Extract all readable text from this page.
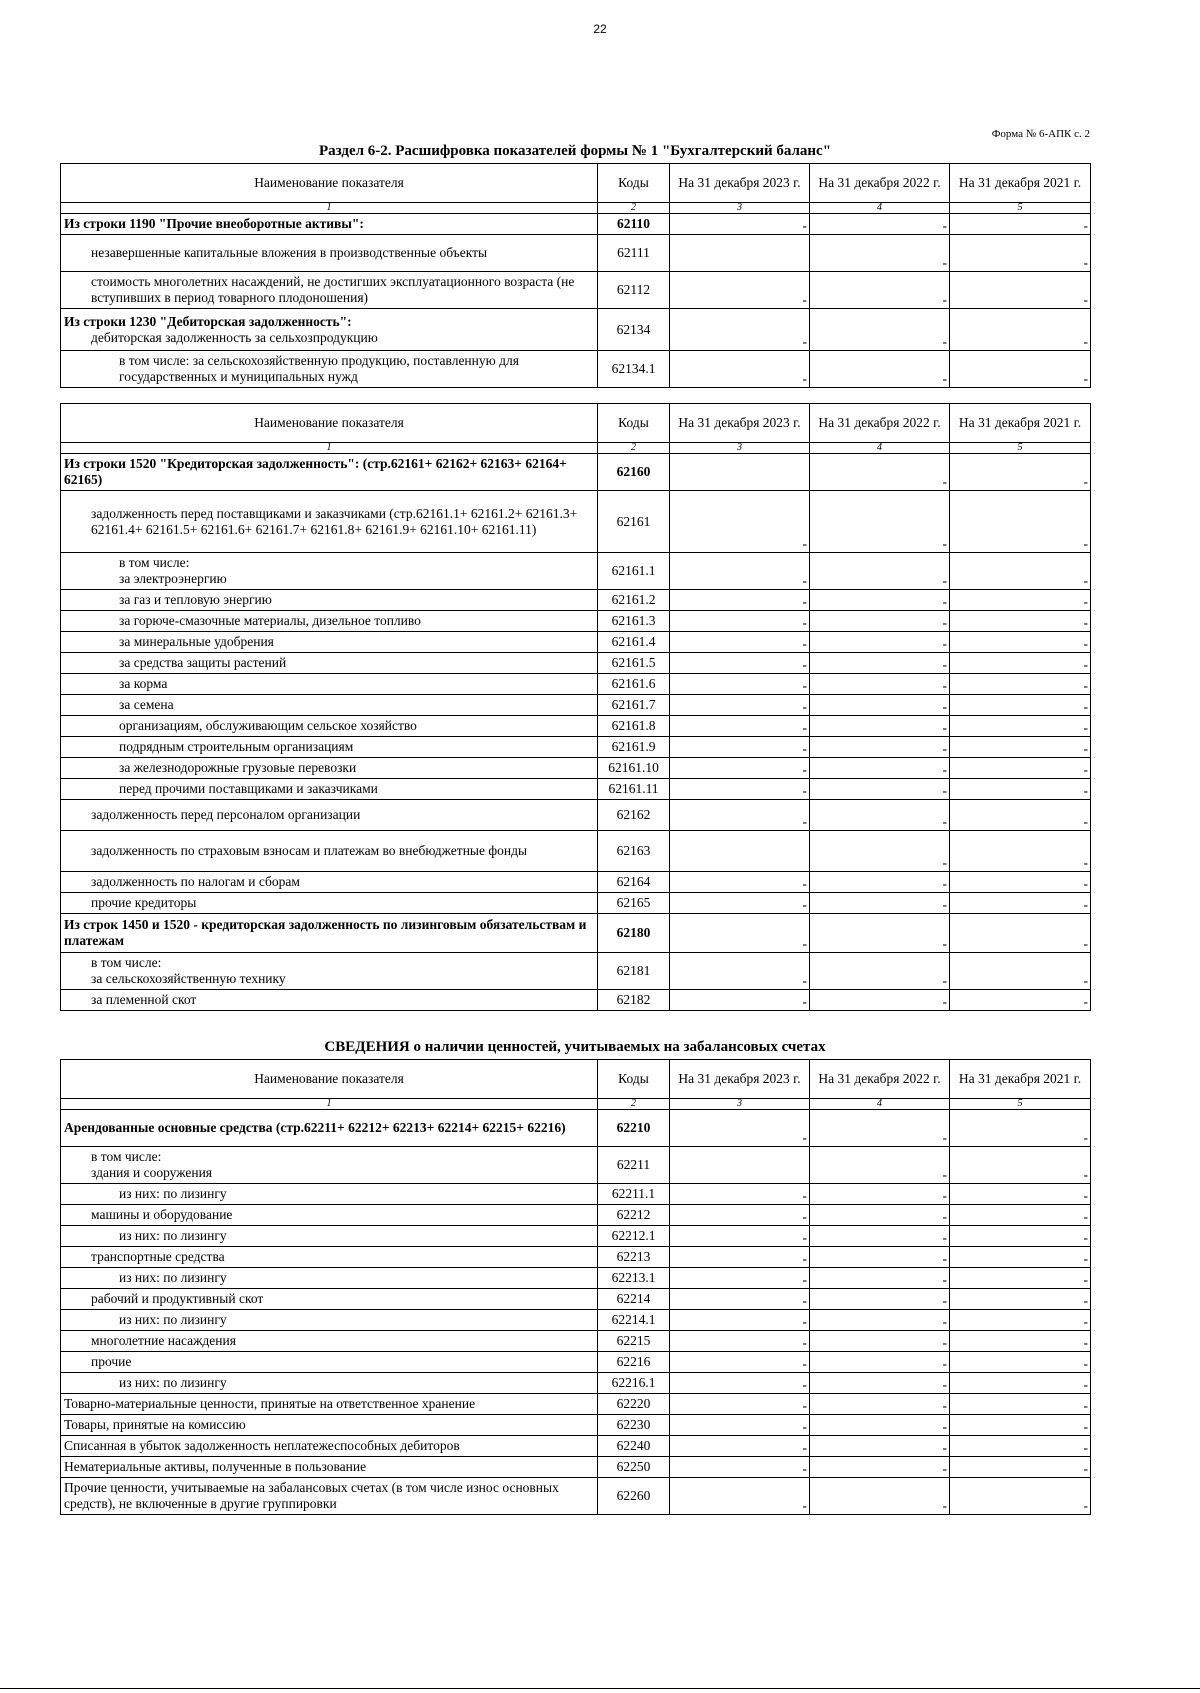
22
Форма № 6-АПК с. 2
Раздел 6-2. Расшифровка показателей формы № 1 "Бухгалтерский баланс"
Наименование показателя	Коды	На 31 декабря 2023 г.	На 31 декабря 2022 г.	На 31 декабря 2021 г.
1	2	3	4	5
Из строки 1190 "Прочие внеоборотные активы":	62110	-	-	-
незавершенные капитальные вложения в производственные объекты	62111		-	-
стоимость многолетних насаждений, не достигших эксплуатационного возраста (не вступивших в период товарного плодоношения)	62112	-	-	-

Из строки 1230 "Дебиторская задолженность":
дебиторская задолженность за сельхозпродукцию	62134	-	-	-
в том числе: за сельскохозяйственную продукцию, поставленную для государственных и муниципальных нужд	62134.1	-	-	-
Наименование показателя	Коды	На 31 декабря 2023 г.	На 31 декабря 2022 г.	На 31 декабря 2021 г.
1	2	3	4	5
Из строки 1520 "Кредиторская задолженность": (стр.62161+ 62162+ 62163+ 62164+ 62165)	62160		-	-
задолженность перед поставщиками и заказчиками (стр.62161.1+ 62161.2+ 62161.3+ 62161.4+ 62161.5+ 62161.6+ 62161.7+ 62161.8+ 62161.9+ 62161.10+ 62161.11)	62161	-	-	-

в том числе:
за электроэнергию	62161.1	-	-	-
за газ и тепловую энергию	62161.2	-	-	-
за горюче-смазочные материалы, дизельное топливо	62161.3	-	-	-
за минеральные удобрения	62161.4	-	-	-
за средства защиты растений	62161.5	-	-	-
за корма	62161.6	-	-	-
за семена	62161.7	-	-	-
организациям, обслуживающим сельское хозяйство	62161.8	-	-	-
подрядным строительным организациям	62161.9	-	-	-
за железнодорожные грузовые перевозки	62161.10	-	-	-
перед прочими поставщиками и заказчиками	62161.11	-	-	-
задолженность перед персоналом организации	62162	-	-	-
задолженность по страховым взносам и платежам во внебюджетные фонды	62163		-	-
задолженность по налогам и сборам	62164	-	-	-
прочие кредиторы	62165	-	-	-
Из строк 1450 и 1520 - кредиторская задолженность по лизинговым обязательствам и платежам	62180	-	-	-

в том числе:
за сельскохозяйственную технику	62181	-	-	-
за племенной скот	62182	-	-	-
СВЕДЕНИЯ о наличии ценностей, учитываемых на забалансовых счетах
Наименование показателя	Коды	На 31 декабря 2023 г.	На 31 декабря 2022 г.	На 31 декабря 2021 г.
1	2	3	4	5
Арендованные основные средства (стр.62211+ 62212+ 62213+ 62214+ 62215+ 62216)	62210	-	-	-

в том числе:
здания и сооружения	62211		-	-
из них: по лизингу	62211.1	-	-	-
машины и оборудование	62212	-	-	-
из них: по лизингу	62212.1	-	-	-
транспортные средства	62213	-	-	-
из них: по лизингу	62213.1	-	-	-
рабочий и продуктивный скот	62214	-	-	-
из них: по лизингу	62214.1	-	-	-
многолетние насаждения	62215	-	-	-
прочие	62216	-	-	-
из них: по лизингу	62216.1	-	-	-
Товарно-материальные ценности, принятые на ответственное хранение	62220	-	-	-
Товары, принятые на комиссию	62230	-	-	-
Списанная в убыток задолженность неплатежеспособных дебиторов	62240	-	-	-
Нематериальные активы, полученные в пользование	62250	-	-	-
Прочие ценности, учитываемые на забалансовых счетах (в том числе износ основных средств), не включенные в другие группировки	62260	-	-	-
